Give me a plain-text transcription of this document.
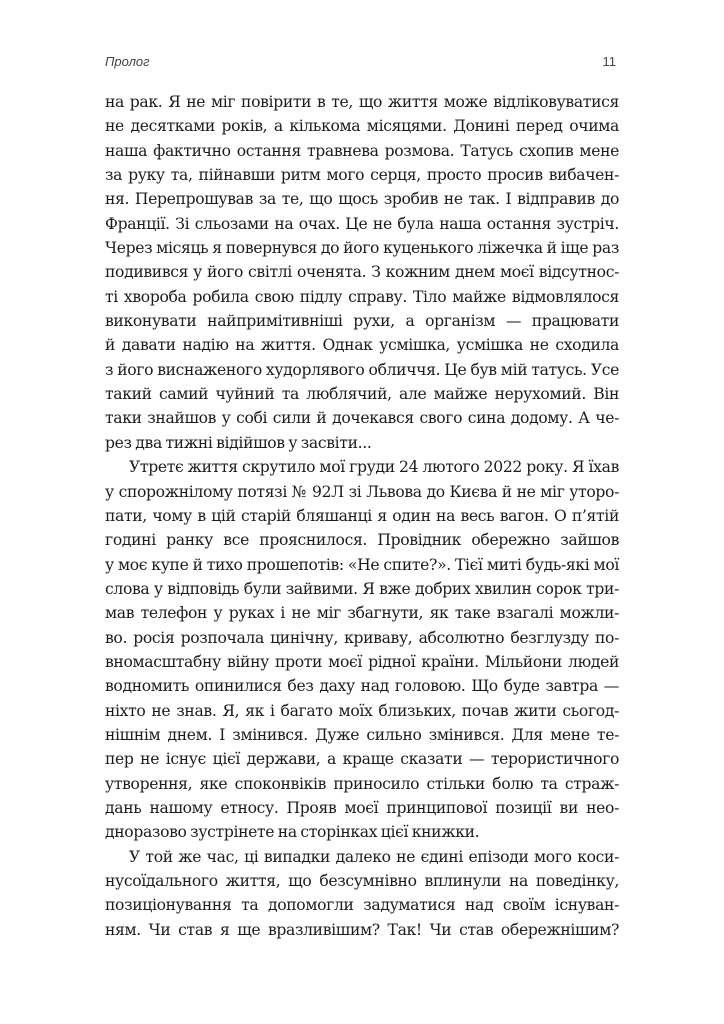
Пролог	11
на рак. Я не міг повірити в те, що життя може відліковуватися
не десятками років, а кількома місяцями. Донині перед очима
наша фактично остання травнева розмова. Татусь схопив мене
за руку та, пійнавши ритм мого серця, просто просив вибачен-
ня. Перепрошував за те, що щось зробив не так. І відправив до
Франції. Зі сльозами на очах. Це не була наша остання зустріч.
Через місяць я повернувся до його куценького ліжечка й іще раз
подивився у його світлі оченята. З кожним днем моєї відсутнос-
ті хвороба робила свою підлу справу. Тіло майже відмовлялося
виконувати найпримітивніші рухи, а організм — працювати
й давати надію на життя. Однак усмішка, усмішка не сходила
з його виснаженого худорлявого обличчя. Це був мій татусь. Усе
такий самий чуйний та люблячий, але майже нерухомий. Він
таки знайшов у собі сили й дочекався свого сина додому. А че-
рез два тижні відійшов у засвіти...
Утретє життя скрутило мої груди 24 лютого 2022 року. Я їхав
у спорожнілому потязі № 92Л зі Львова до Києва й не міг уторо-
пати, чому в цій старій бляшанці я один на весь вагон. О п’ятій
годині ранку все прояснилося. Провідник обережно зайшов
у моє купе й тихо прошепотів: «Не спите?». Тієї миті будь-які мої
слова у відповідь були зайвими. Я вже добрих хвилин сорок три-
мав телефон у руках і не міг збагнути, як таке взагалі можли-
во. росія розпочала цинічну, криваву, абсолютно безглузду по-
вномасштабну війну проти моєї рідної країни. Мільйони людей
водномить опинилися без даху над головою. Що буде завтра —
ніхто не знав. Я, як і багато моїх близьких, почав жити сьогод-
нішнім днем. І змінився. Дуже сильно змінився. Для мене те-
пер не існує цієї держави, а краще сказати — терористичного
утворення, яке споконвіків приносило стільки болю та страж-
дань нашому етносу. Прояв моєї принципової позиції ви нео-
дноразово зустрінете на сторінках цієї книжки.
У той же час, ці випадки далеко не єдині епізоди мого коси-
нусоїдального життя, що безсумнівно вплинули на поведінку,
позиціонування та допомогли задуматися над своїм існуван-
ням. Чи став я ще вразливішим? Так! Чи став обережнішим?
